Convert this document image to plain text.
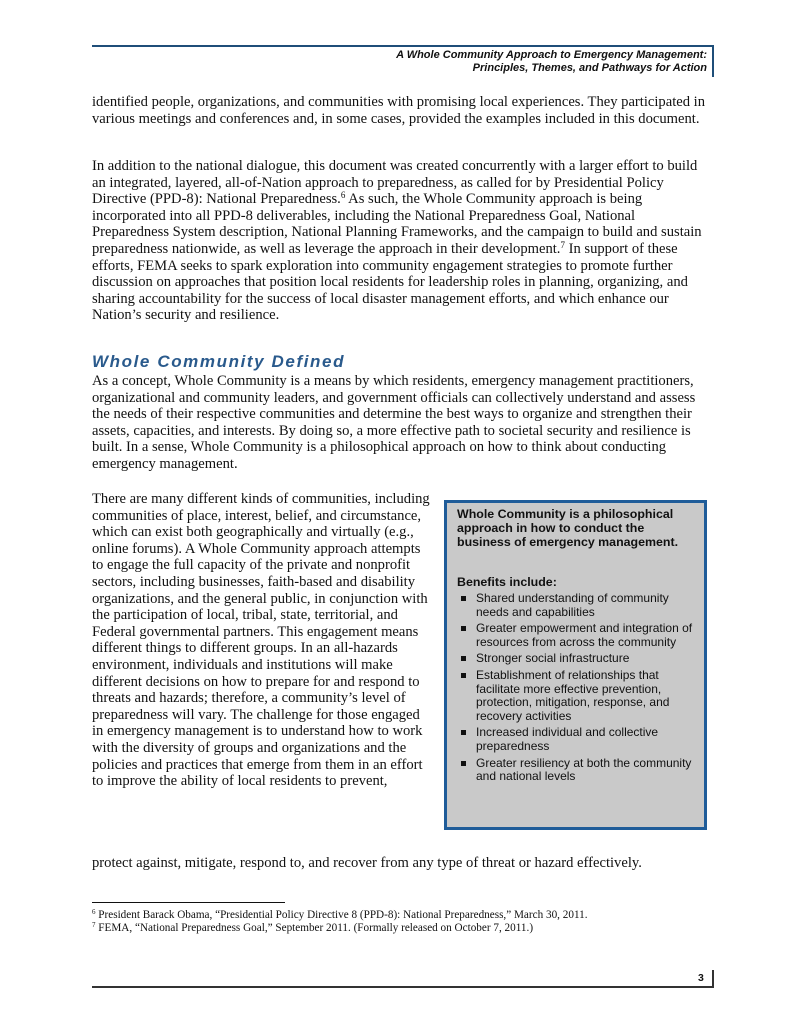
A Whole Community Approach to Emergency Management:
Principles, Themes, and Pathways for Action

identified people, organizations, and communities with promising local experiences. They participated in various meetings and conferences and, in some cases, provided the examples included in this document.

In addition to the national dialogue, this document was created concurrently with a larger effort to build an integrated, layered, all-of-Nation approach to preparedness, as called for by Presidential Policy Directive (PPD-8): National Preparedness.$^6$ As such, the Whole Community approach is being incorporated into all PPD-8 deliverables, including the National Preparedness Goal, National Preparedness System description, National Planning Frameworks, and the campaign to build and sustain preparedness nationwide, as well as leverage the approach in their development.$^7$ In support of these efforts, FEMA seeks to spark exploration into community engagement strategies to promote further discussion on approaches that position local residents for leadership roles in planning, organizing, and sharing accountability for the success of local disaster management efforts, and which enhance our Nation’s security and resilience.

Whole Community Defined

As a concept, Whole Community is a means by which residents, emergency management practitioners, organizational and community leaders, and government officials can collectively understand and assess the needs of their respective communities and determine the best ways to organize and strengthen their assets, capacities, and interests. By doing so, a more effective path to societal security and resilience is built. In a sense, Whole Community is a philosophical approach on how to think about conducting emergency management.

There are many different kinds of communities, including communities of place, interest, belief, and circumstance, which can exist both geographically and virtually (e.g., online forums). A Whole Community approach attempts to engage the full capacity of the private and nonprofit sectors, including businesses, faith-based and disability organizations, and the general public, in conjunction with the participation of local, tribal, state, territorial, and Federal governmental partners. This engagement means different things to different groups. In an all-hazards environment, individuals and institutions will make different decisions on how to prepare for and respond to threats and hazards; therefore, a community’s level of preparedness will vary. The challenge for those engaged in emergency management is to understand how to work with the diversity of groups and organizations and the policies and practices that emerge from them in an effort to improve the ability of local residents to prevent,

protect against, mitigate, respond to, and recover from any type of threat or hazard effectively.

Whole Community is a philosophical approach in how to conduct the business of emergency management.
Benefits include:
Shared understanding of community needs and capabilities
Greater empowerment and integration of resources from across the community
Stronger social infrastructure
Establishment of relationships that facilitate more effective prevention, protection, mitigation, response, and recovery activities
Increased individual and collective preparedness
Greater resiliency at both the community and national levels
$^6$ President Barack Obama, “Presidential Policy Directive 8 (PPD-8): National Preparedness,” March 30, 2011.
$^7$ FEMA, “National Preparedness Goal,” September 2011. (Formally released on October 7, 2011.)
3
